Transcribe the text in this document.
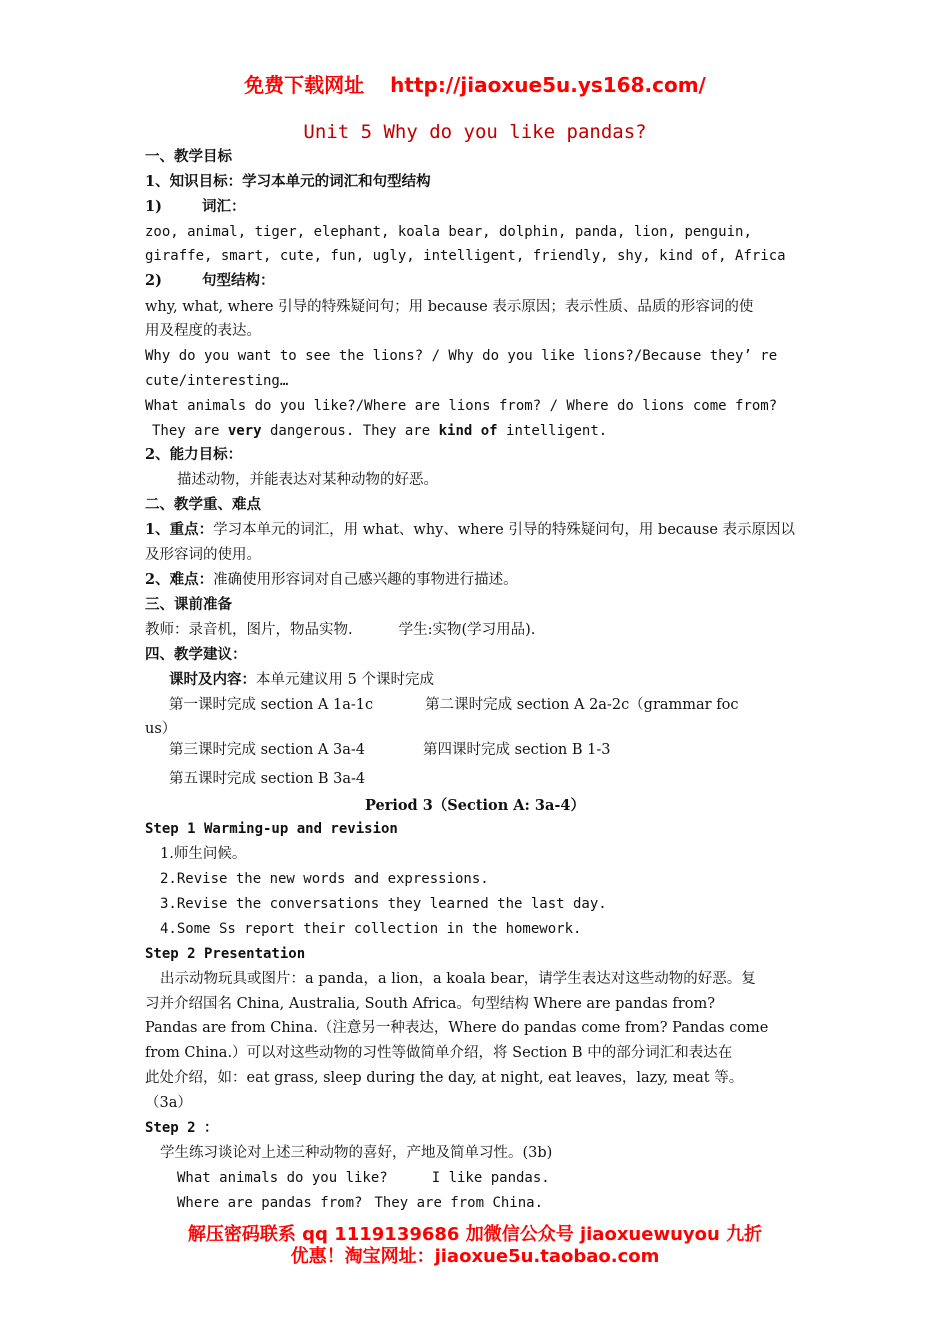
免费下载网址 http://jiaoxue5u.ys168.com/
Unit 5 Why do you like pandas?
一、教学目标
1、知识目标：学习本单元的词汇和句型结构
1)	词汇：
zoo, animal, tiger, elephant, koala bear, dolphin, panda, lion, penguin,
giraffe, smart, cute, fun, ugly, intelligent, friendly, shy, kind of, Africa
2)	句型结构：
why, what, where 引导的特殊疑问句；用 because 表示原因；表示性质、品质的形容词的使
用及程度的表达。
Why do you want to see the lions? / Why do you like lions?/Because they’ re
cute/interesting…
What animals do you like?/Where are lions from? / Where do lions come from?
They are very dangerous. They are kind of intelligent.
2、能力目标：
描述动物，并能表达对某种动物的好恶。
二、教学重、难点
1、重点：学习本单元的词汇，用 what、why、where 引导的特殊疑问句，用 because 表示原因以
及形容词的使用。
2、难点：准确使用形容词对自己感兴趣的事物进行描述。
三、课前准备
教师：录音机，图片，物品实物.	学生:实物(学习用品).
四、教学建议：
课时及内容：本单元建议用 5 个课时完成
第一课时完成 section A 1a-1c	第二课时完成 section A 2a-2c（grammar foc
us）
第三课时完成 section A 3a-4	第四课时完成 section B 1-3
第五课时完成 section B 3a-4
Period 3（Section A: 3a-4）
Step 1 Warming-up and revision
1.师生问候。
2.Revise the new words and expressions.
3.Revise the conversations they learned the last day.
4.Some Ss report their collection in the homework.
Step 2 Presentation
出示动物玩具或图片：a panda，a lion，a koala bear，请学生表达对这些动物的好恶。复
习并介绍国名 China, Australia, South Africa。句型结构 Where are pandas from?
Pandas are from China.（注意另一种表达，Where do pandas come from? Pandas come
from China.）可以对这些动物的习性等做简单介绍，将 Section B 中的部分词汇和表达在
此处介绍，如：eat grass, sleep during the day, at night, eat leaves，lazy, meat 等。
（3a）
Step 2 ：
学生练习谈论对上述三种动物的喜好，产地及简单习性。(3b)
What animals do you like?	I like pandas.
Where are pandas from? They are from China.
解压密码联系 qq 1119139686 加微信公众号 jiaoxuewuyou 九折
优惠！淘宝网址：jiaoxue5u.taobao.com
